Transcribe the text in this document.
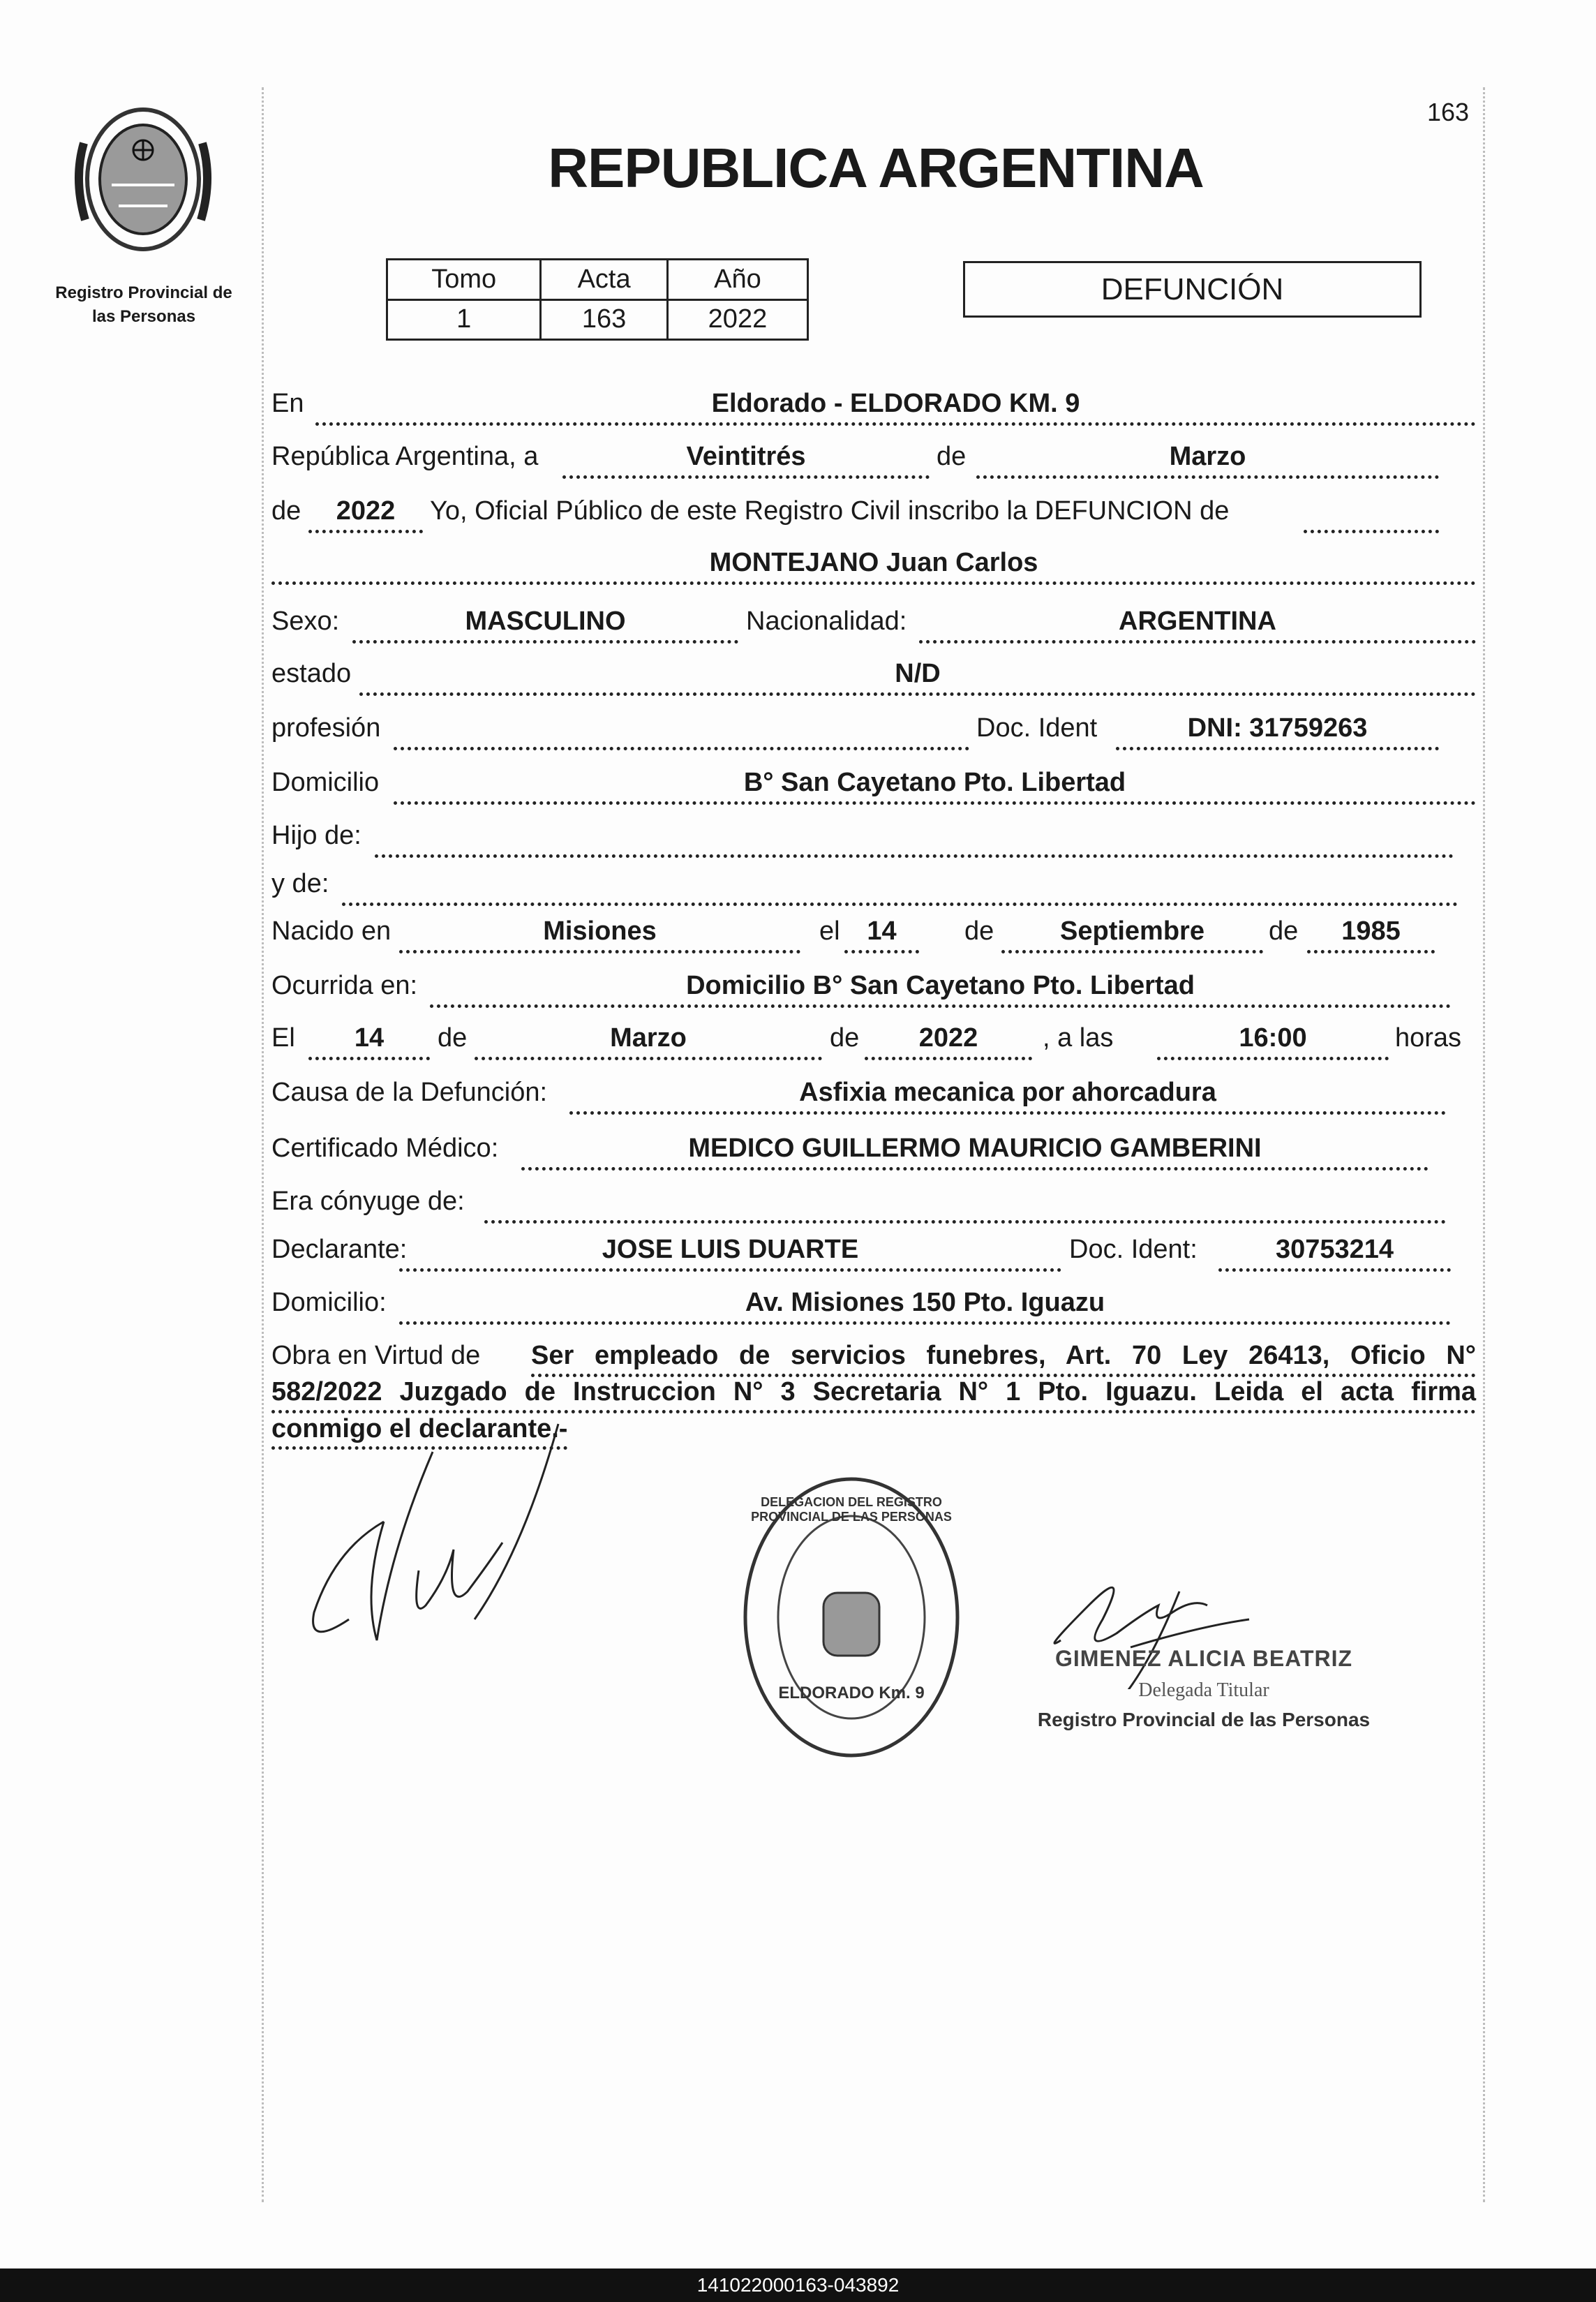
Registro Provincial de
las Personas
163
REPUBLICA ARGENTINA
Tomo	Acta	Año
1	163	2022
DEFUNCIÓN
En	Eldorado - ELDORADO KM. 9
República Argentina, a	Veintitrés	de	Marzo
de	2022	Yo, Oficial Público de este Registro Civil inscribo la DEFUNCION de
MONTEJANO Juan Carlos
Sexo:	MASCULINO	Nacionalidad:	ARGENTINA
estado	N/D
profesión	Doc. Ident	DNI: 31759263
Domicilio	B° San Cayetano Pto. Libertad
Hijo de:
y de:
Nacido en	Misiones	el	14	de	Septiembre	de	1985
Ocurrida en:	Domicilio B° San Cayetano Pto. Libertad
El	14	de	Marzo	de	2022	, a las	16:00	horas
Causa de la Defunción:	Asfixia mecanica por ahorcadura
Certificado Médico:	MEDICO GUILLERMO MAURICIO GAMBERINI
Era cónyuge de:
Declarante:	JOSE LUIS DUARTE	Doc. Ident:	30753214
Domicilio:	Av. Misiones 150 Pto. Iguazu
Obra en Virtud de Ser empleado de servicios funebres, Art. 70 Ley 26413, Oficio N°
582/2022 Juzgado de Instruccion N° 3 Secretaria N° 1 Pto. Iguazu. Leida el acta firma
conmigo el declarante.-
DELEGACION DEL REGISTRO PROVINCIAL DE LAS PERSONAS
ELDORADO Km. 9
GIMENEZ ALICIA BEATRIZ
Delegada Titular
Registro Provincial de las Personas
141022000163-043892
